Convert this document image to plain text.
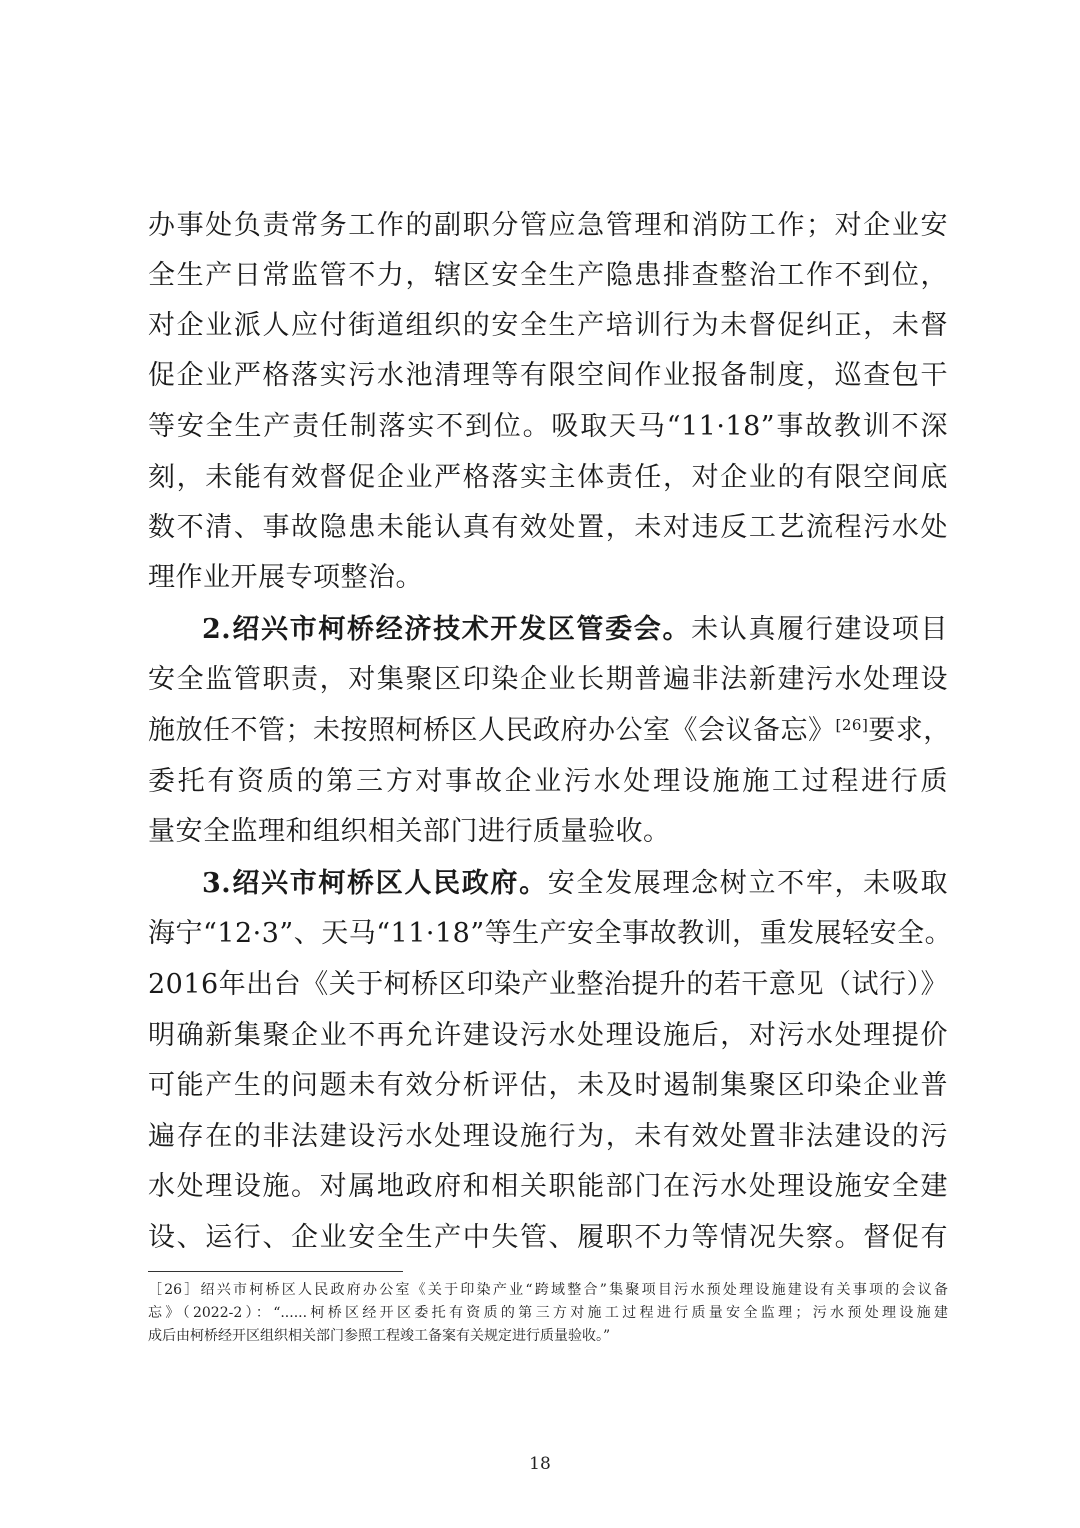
办事处负责常务工作的副职分管应急管理和消防工作；对企业安
全生产日常监管不力，辖区安全生产隐患排查整治工作不到位，
对企业派人应付街道组织的安全生产培训行为未督促纠正，未督
促企业严格落实污水池清理等有限空间作业报备制度，巡查包干
等安全生产责任制落实不到位。吸取天马“11·18”事故教训不深
刻，未能有效督促企业严格落实主体责任，对企业的有限空间底
数不清、事故隐患未能认真有效处置，未对违反工艺流程污水处
理作业开展专项整治。
2.绍兴市柯桥经济技术开发区管委会。未认真履行建设项目
安全监管职责，对集聚区印染企业长期普遍非法新建污水处理设
施放任不管；未按照柯桥区人民政府办公室《会议备忘》[26]要求，
委托有资质的第三方对事故企业污水处理设施施工过程进行质
量安全监理和组织相关部门进行质量验收。
3.绍兴市柯桥区人民政府。安全发展理念树立不牢，未吸取
海宁“12·3”、天马“11·18”等生产安全事故教训，重发展轻安全。
2016年出台《关于柯桥区印染产业整治提升的若干意见（试行）》
明确新集聚企业不再允许建设污水处理设施后，对污水处理提价
可能产生的问题未有效分析评估，未及时遏制集聚区印染企业普
遍存在的非法建设污水处理设施行为，未有效处置非法建设的污
水处理设施。对属地政府和相关职能部门在污水处理设施安全建
设、运行、企业安全生产中失管、履职不力等情况失察。督促有
［26］绍兴市柯桥区人民政府办公室《关于印染产业“跨域整合”集聚项目污水预处理设施建设有关事项的会议备
忘》（2022-2）：“......柯桥区经开区委托有资质的第三方对施工过程进行质量安全监理；污水预处理设施建
成后由柯桥经开区组织相关部门参照工程竣工备案有关规定进行质量验收。”
18
